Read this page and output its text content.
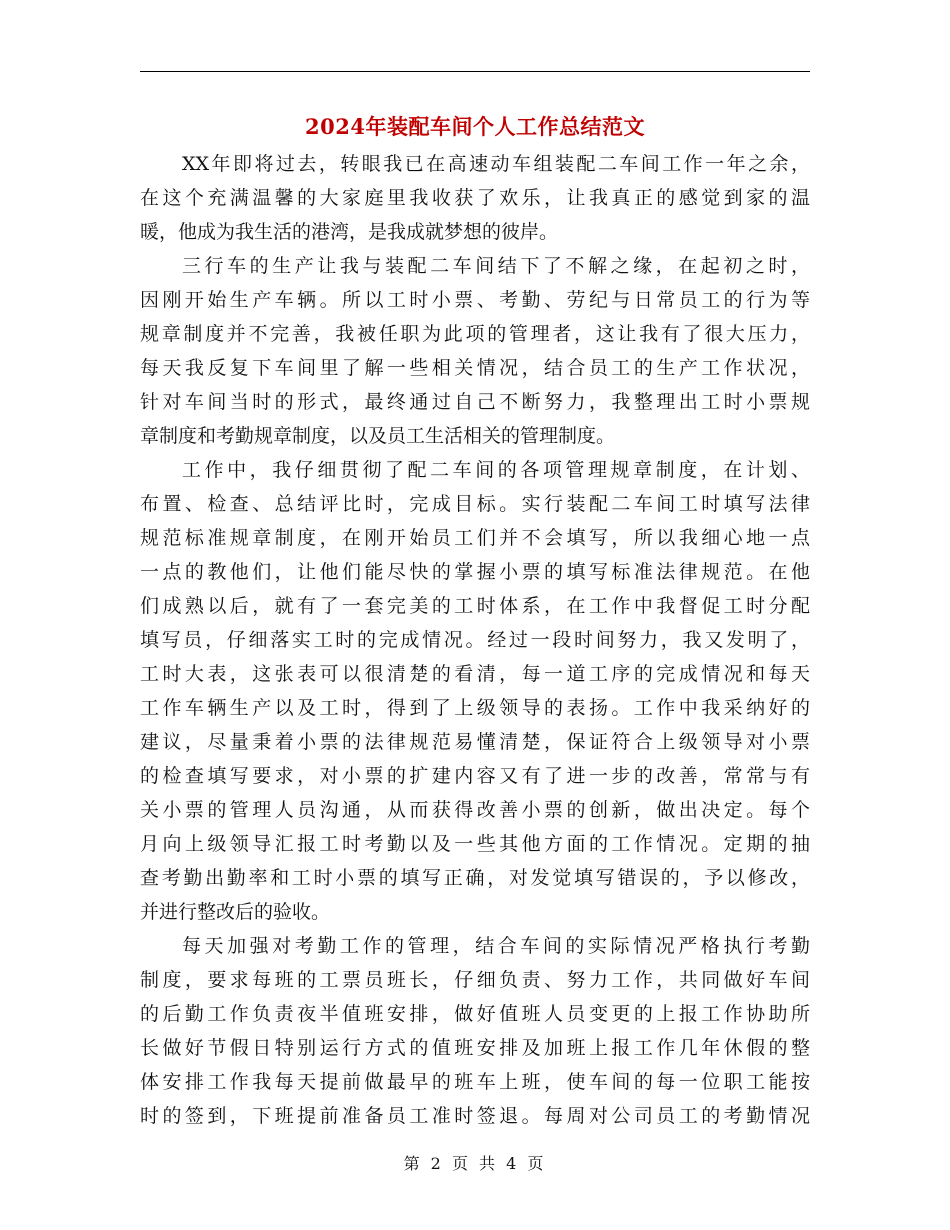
2024年装配车间个人工作总结范文
XX年即将过去，转眼我已在高速动车组装配二车间工作一年之余，
在这个充满温馨的大家庭里我收获了欢乐，让我真正的感觉到家的温
暖，他成为我生活的港湾，是我成就梦想的彼岸。
三行车的生产让我与装配二车间结下了不解之缘，在起初之时，
因刚开始生产车辆。所以工时小票、考勤、劳纪与日常员工的行为等
规章制度并不完善，我被任职为此项的管理者，这让我有了很大压力，
每天我反复下车间里了解一些相关情况，结合员工的生产工作状况，
针对车间当时的形式，最终通过自己不断努力，我整理出工时小票规
章制度和考勤规章制度，以及员工生活相关的管理制度。
工作中，我仔细贯彻了配二车间的各项管理规章制度，在计划、
布置、检查、总结评比时，完成目标。实行装配二车间工时填写法律
规范标准规章制度，在刚开始员工们并不会填写，所以我细心地一点
一点的教他们，让他们能尽快的掌握小票的填写标准法律规范。在他
们成熟以后，就有了一套完美的工时体系，在工作中我督促工时分配
填写员，仔细落实工时的完成情况。经过一段时间努力，我又发明了，
工时大表，这张表可以很清楚的看清，每一道工序的完成情况和每天
工作车辆生产以及工时，得到了上级领导的表扬。工作中我采纳好的
建议，尽量秉着小票的法律规范易懂清楚，保证符合上级领导对小票
的检查填写要求，对小票的扩建内容又有了进一步的改善，常常与有
关小票的管理人员沟通，从而获得改善小票的创新，做出决定。每个
月向上级领导汇报工时考勤以及一些其他方面的工作情况。定期的抽
查考勤出勤率和工时小票的填写正确，对发觉填写错误的，予以修改，
并进行整改后的验收。
每天加强对考勤工作的管理，结合车间的实际情况严格执行考勤
制度，要求每班的工票员班长，仔细负责、努力工作，共同做好车间
的后勤工作负责夜半值班安排，做好值班人员变更的上报工作协助所
长做好节假日特别运行方式的值班安排及加班上报工作几年休假的整
体安排工作我每天提前做最早的班车上班，使车间的每一位职工能按
时的签到，下班提前准备员工准时签退。每周对公司员工的考勤情况
第 2 页 共 4 页
